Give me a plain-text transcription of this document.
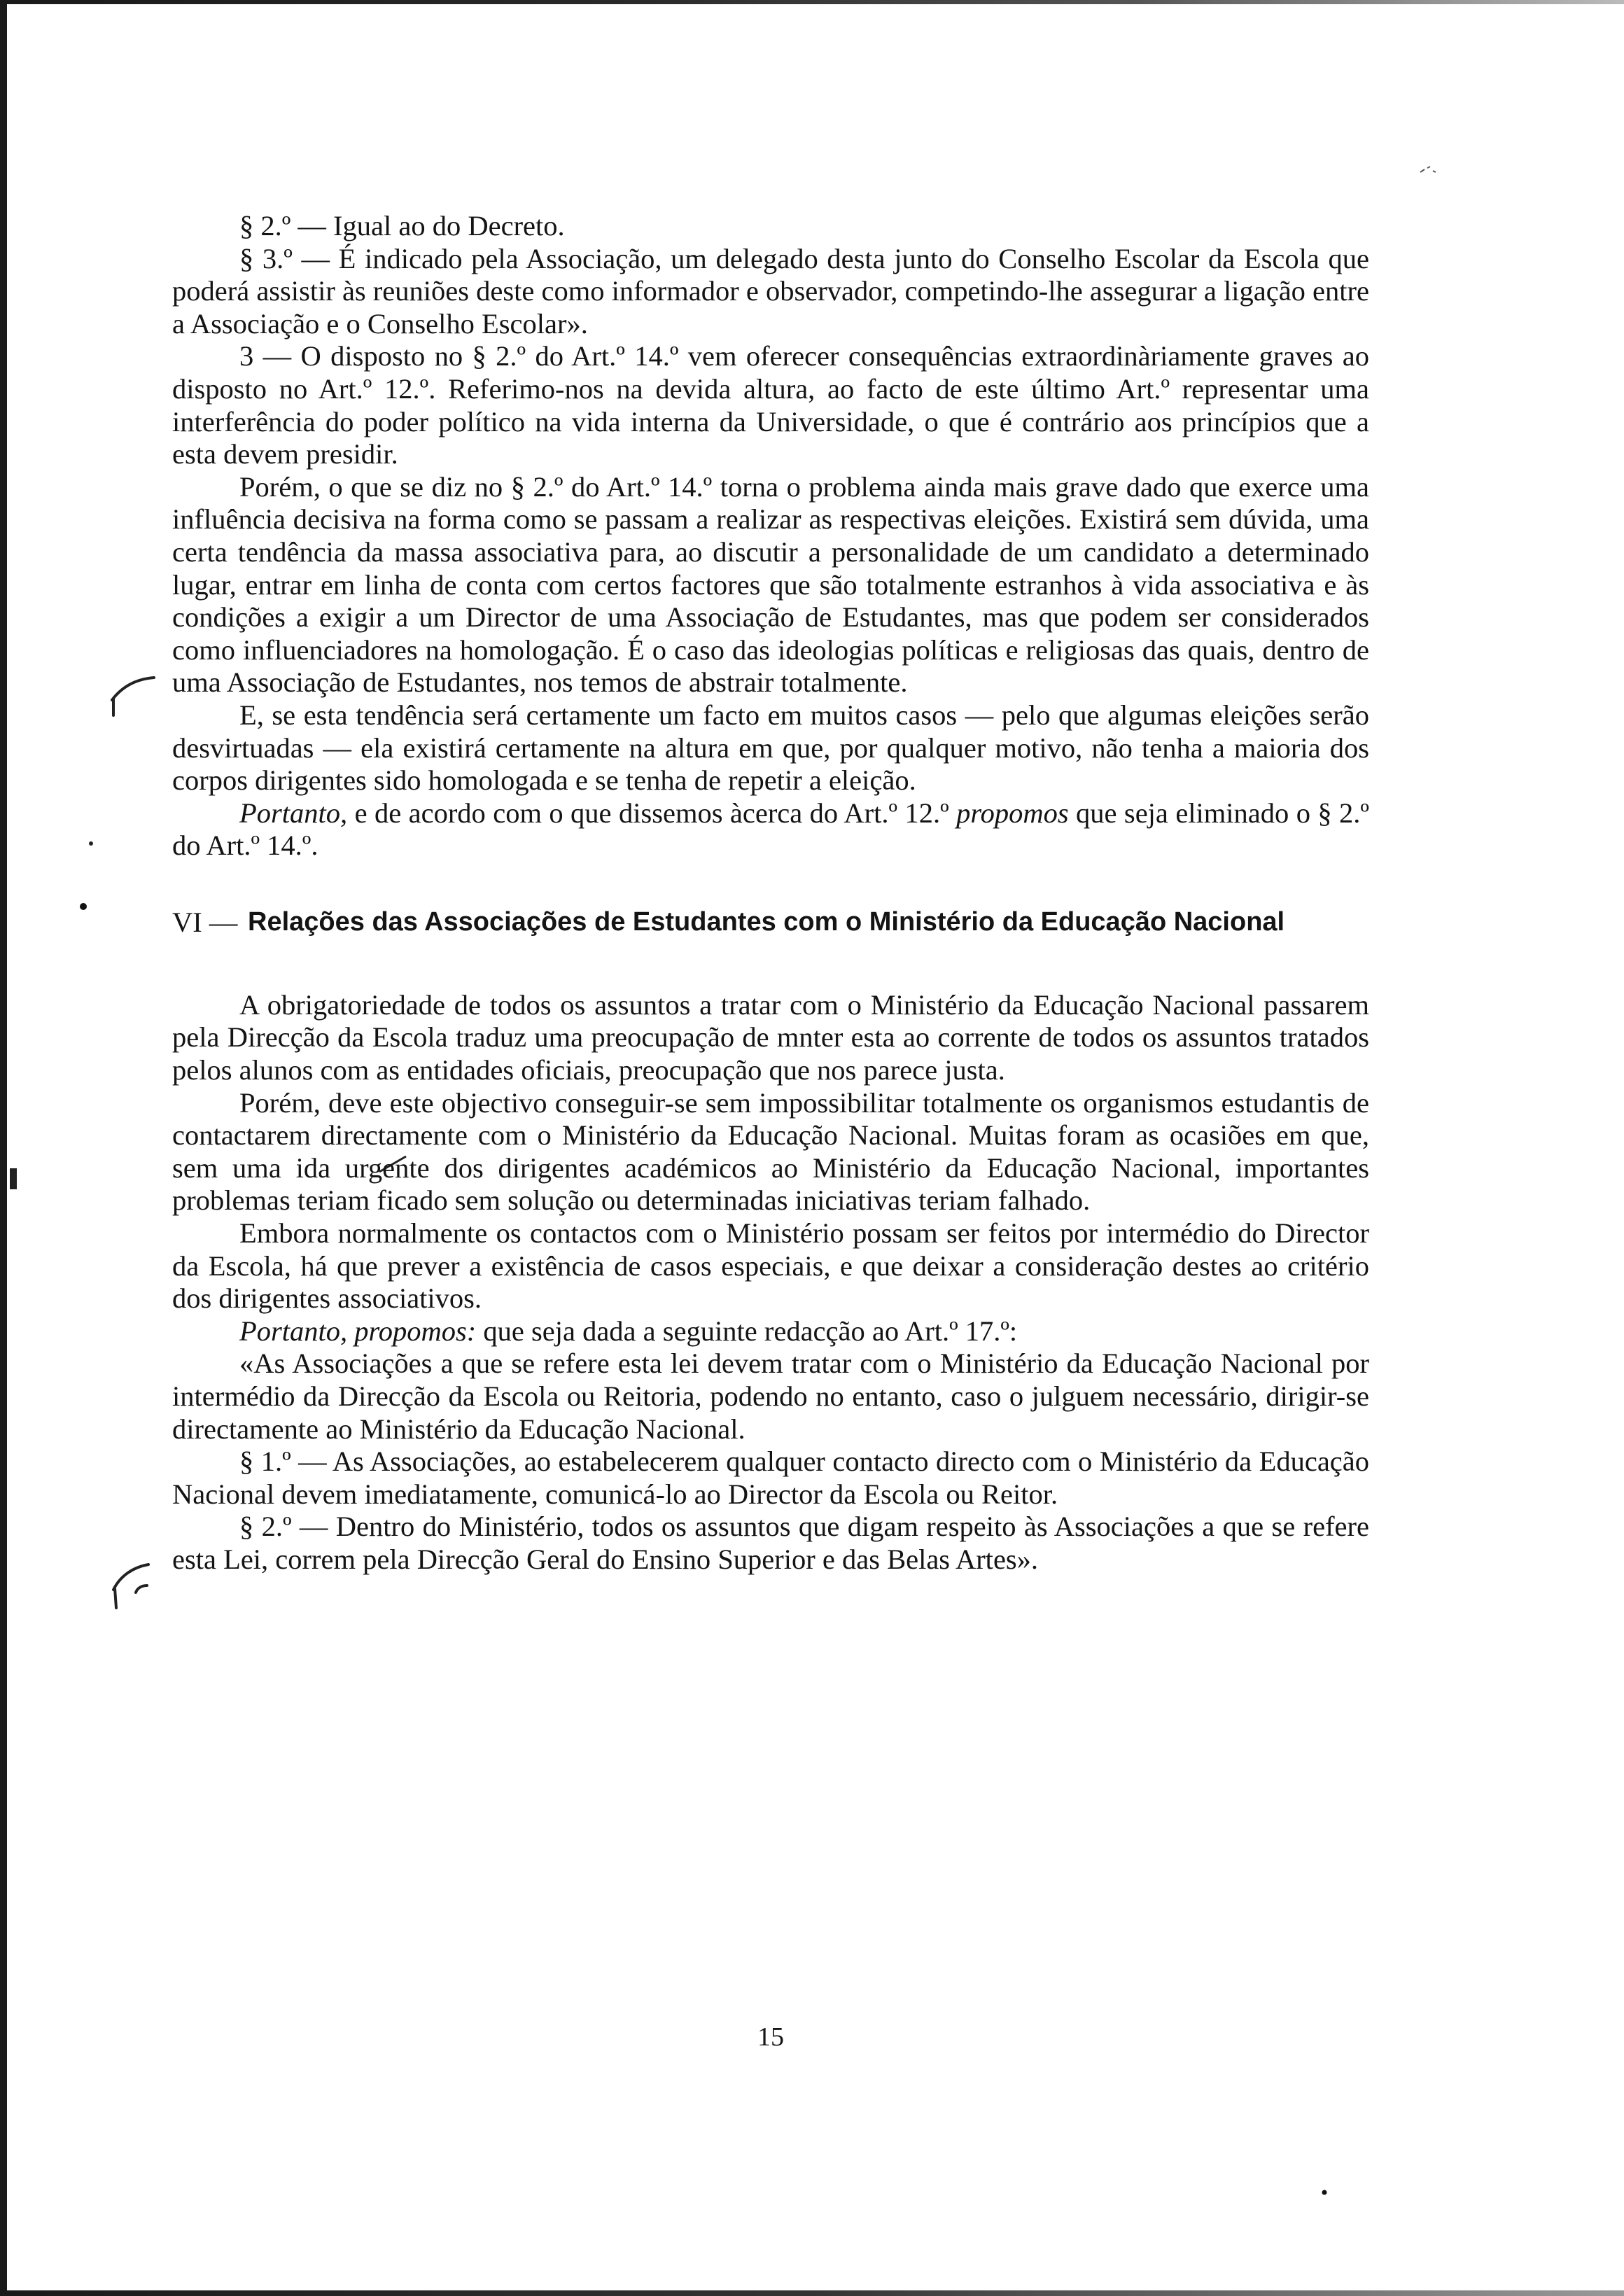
§ 2.º — Igual ao do Decreto.

§ 3.º — É indicado pela Associação, um delegado desta junto do Conselho Escolar da Escola que poderá assistir às reuniões deste como informador e observador, competindo-lhe assegurar a ligação entre a Associação e o Conselho Escolar».

3 — O disposto no § 2.º do Art.º 14.º vem oferecer consequências extraordinàriamente graves ao disposto no Art.º 12.º. Referimo-nos na devida altura, ao facto de este último Art.º representar uma interferência do poder político na vida interna da Universidade, o que é contrário aos princípios que a esta devem presidir.

Porém, o que se diz no § 2.º do Art.º 14.º torna o problema ainda mais grave dado que exerce uma influência decisiva na forma como se passam a realizar as respectivas eleições. Existirá sem dúvida, uma certa tendência da massa associativa para, ao discutir a personalidade de um candidato a determinado lugar, entrar em linha de conta com certos factores que são totalmente estranhos à vida associativa e às condições a exigir a um Director de uma Associação de Estudantes, mas que podem ser considerados como influenciadores na homologação. É o caso das ideologias políticas e religiosas das quais, dentro de uma Associação de Estudantes, nos temos de abstrair totalmente.

E, se esta tendência será certamente um facto em muitos casos — pelo que algumas eleições serão desvirtuadas — ela existirá certamente na altura em que, por qualquer motivo, não tenha a maioria dos corpos dirigentes sido homologada e se tenha de repetir a eleição.

Portanto, e de acordo com o que dissemos àcerca do Art.º 12.º propomos que seja eliminado o § 2.º do Art.º 14.º.

VI — Relações das Associações de Estudantes com o Ministério da Educação Nacional

A obrigatoriedade de todos os assuntos a tratar com o Ministério da Educação Nacional passarem pela Direcção da Escola traduz uma preocupação de mnter esta ao corrente de todos os assuntos tratados pelos alunos com as entidades oficiais, preocupação que nos parece justa.

Porém, deve este objectivo conseguir-se sem impossibilitar totalmente os organismos estudantis de contactarem directamente com o Ministério da Educação Nacional. Muitas foram as ocasiões em que, sem uma ida urgente dos dirigentes académicos ao Ministério da Educação Nacional, importantes problemas teriam ficado sem solução ou determinadas iniciativas teriam falhado.

Embora normalmente os contactos com o Ministério possam ser feitos por intermédio do Director da Escola, há que prever a existência de casos especiais, e que deixar a consideração destes ao critério dos dirigentes associativos.

Portanto, propomos: que seja dada a seguinte redacção ao Art.º 17.º:

«As Associações a que se refere esta lei devem tratar com o Ministério da Educação Nacional por intermédio da Direcção da Escola ou Reitoria, podendo no entanto, caso o julguem necessário, dirigir-se directamente ao Ministério da Educação Nacional.

§ 1.º — As Associações, ao estabelecerem qualquer contacto directo com o Ministério da Educação Nacional devem imediatamente, comunicá-lo ao Director da Escola ou Reitor.

§ 2.º — Dentro do Ministério, todos os assuntos que digam respeito às Associações a que se refere esta Lei, correm pela Direcção Geral do Ensino Superior e das Belas Artes».

15
